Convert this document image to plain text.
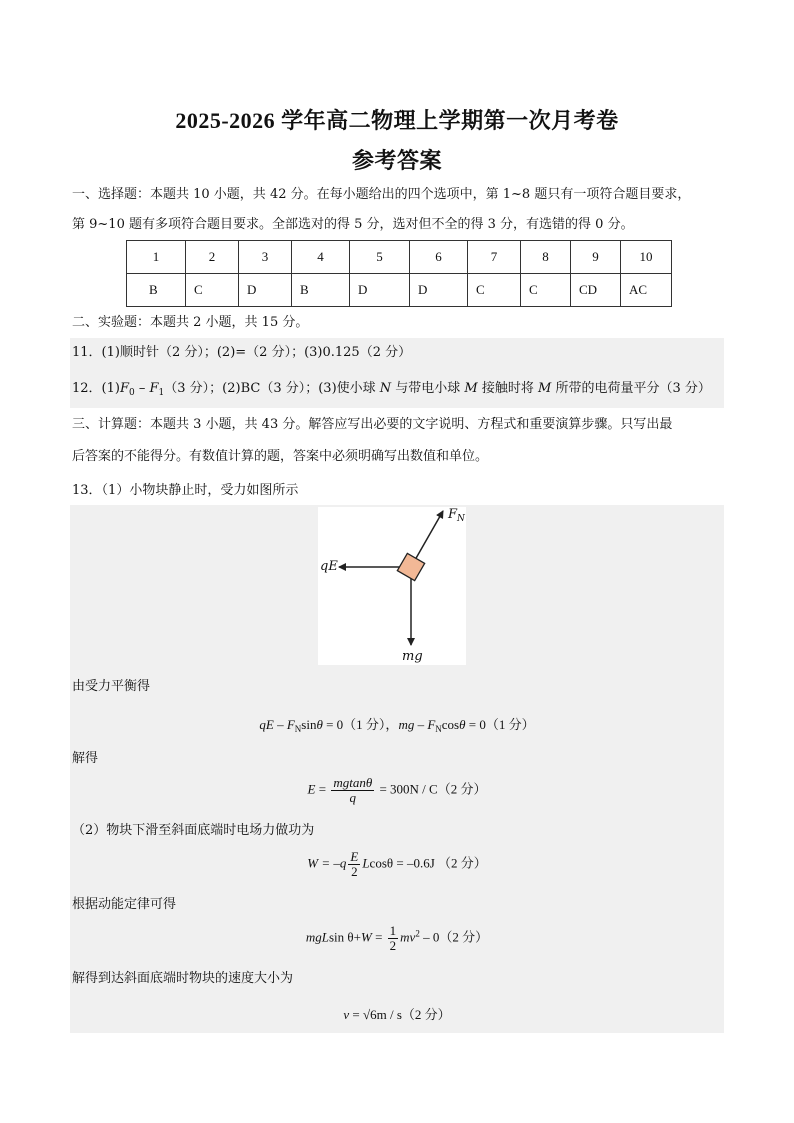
2025-2026 学年高二物理上学期第一次月考卷
参考答案
一、选择题：本题共 10 小题，共 42 分。在每小题给出的四个选项中，第 1~8 题只有一项符合题目要求，
第 9~10 题有多项符合题目要求。全部选对的得 5 分，选对但不全的得 3 分，有选错的得 0 分。
1	2	3	4	5	6	7	8	9	10
B	C	D	B	D	D	C	C	CD	AC
二、实验题：本题共 2 小题，共 15 分。
11．(1)顺时针（2 分）；(2)=（2 分）；(3)0.125（2 分）
12．$(1)F_0 - F_1(3$ 分）；(2)BC（3 分）；(3)使小球 N 与带电小球 M 接触时将 M 所带的电荷量平分（3 分）
三、计算题：本题共 3 小题，共 43 分。解答应写出必要的文字说明、方程式和重要演算步骤。只写出最
后答案的不能得分。有数值计算的题，答案中必须明确写出数值和单位。
13．（1）小物块静止时，受力如图所示
$F_N$
qE
mg
由受力平衡得
qE – $F_N\sin\theta = 0(1$ 分），mg – $F_N\cos\theta = 0(1$ 分）
解得
$E = \frac{mgtan\theta}{q} = 300N / C(2$ 分）
（2）物块下滑至斜面底端时电场力做功为
$W = -q \frac{E}{2}$ Lcosθ = –0.6J （2 分）
根据动能定律可得
mgLsin $\theta+W = \frac{1}{2} mv^2 - 0(2$ 分）
解得到达斜面底端时物块的速度大小为
v = √6m / s（2 分）
